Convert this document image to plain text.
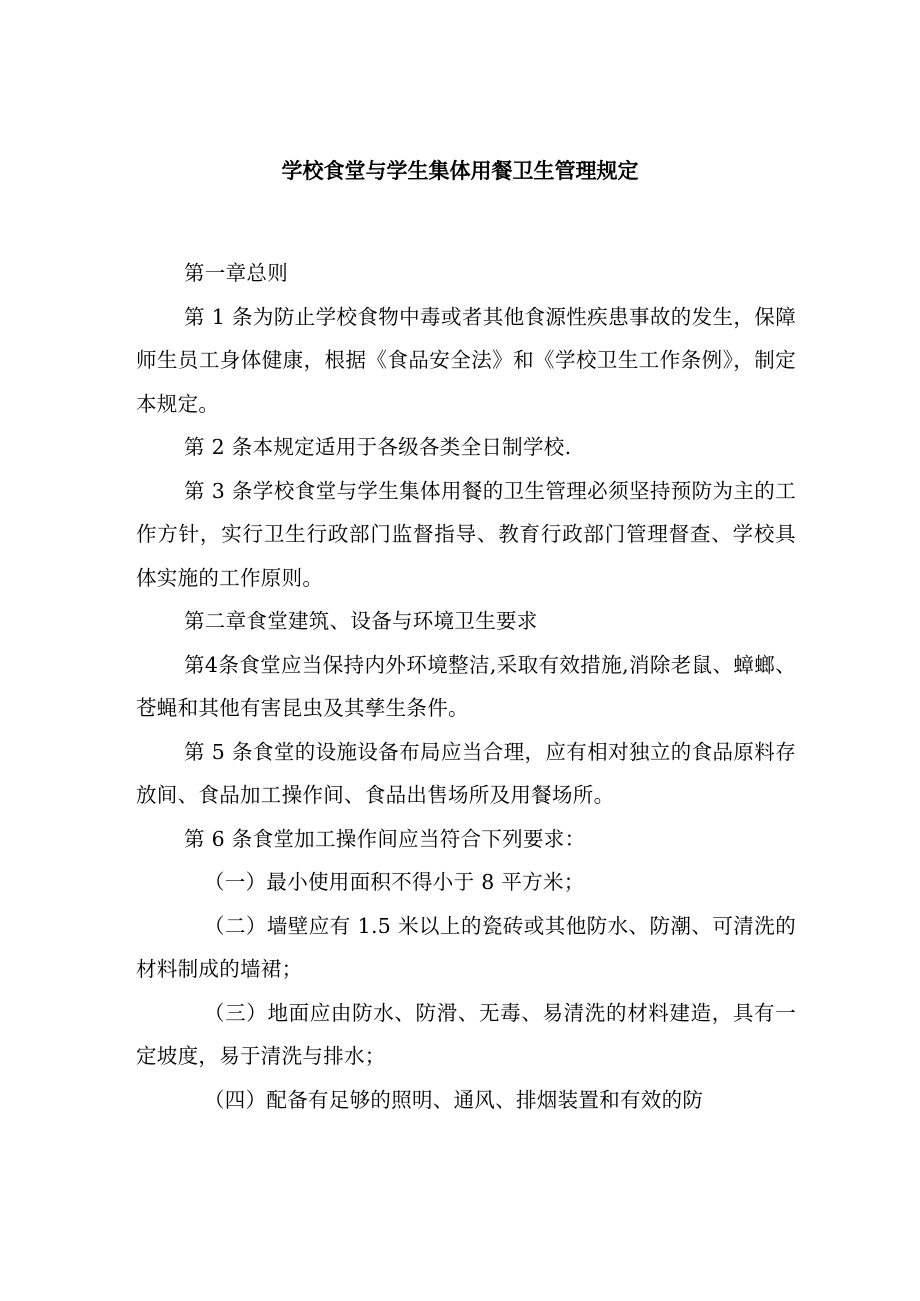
学校食堂与学生集体用餐卫生管理规定

第一章总则

第 1 条为防止学校食物中毒或者其他食源性疾患事故的发生，保障师生员工身体健康，根据《食品安全法》和《学校卫生工作条例》，制定本规定。

第 2 条本规定适用于各级各类全日制学校.

第 3 条学校食堂与学生集体用餐的卫生管理必须坚持预防为主的工作方针，实行卫生行政部门监督指导、教育行政部门管理督查、学校具体实施的工作原则。

第二章食堂建筑、设备与环境卫生要求

第4条食堂应当保持内外环境整洁,采取有效措施,消除老鼠、蟑螂、苍蝇和其他有害昆虫及其孳生条件。

第 5 条食堂的设施设备布局应当合理，应有相对独立的食品原料存放间、食品加工操作间、食品出售场所及用餐场所。

第 6 条食堂加工操作间应当符合下列要求：

（一）最小使用面积不得小于 8 平方米；

（二）墙壁应有 1.5 米以上的瓷砖或其他防水、防潮、可清洗的材料制成的墙裙；

（三）地面应由防水、防滑、无毒、易清洗的材料建造，具有一定坡度，易于清洗与排水；

（四）配备有足够的照明、通风、排烟装置和有效的防
